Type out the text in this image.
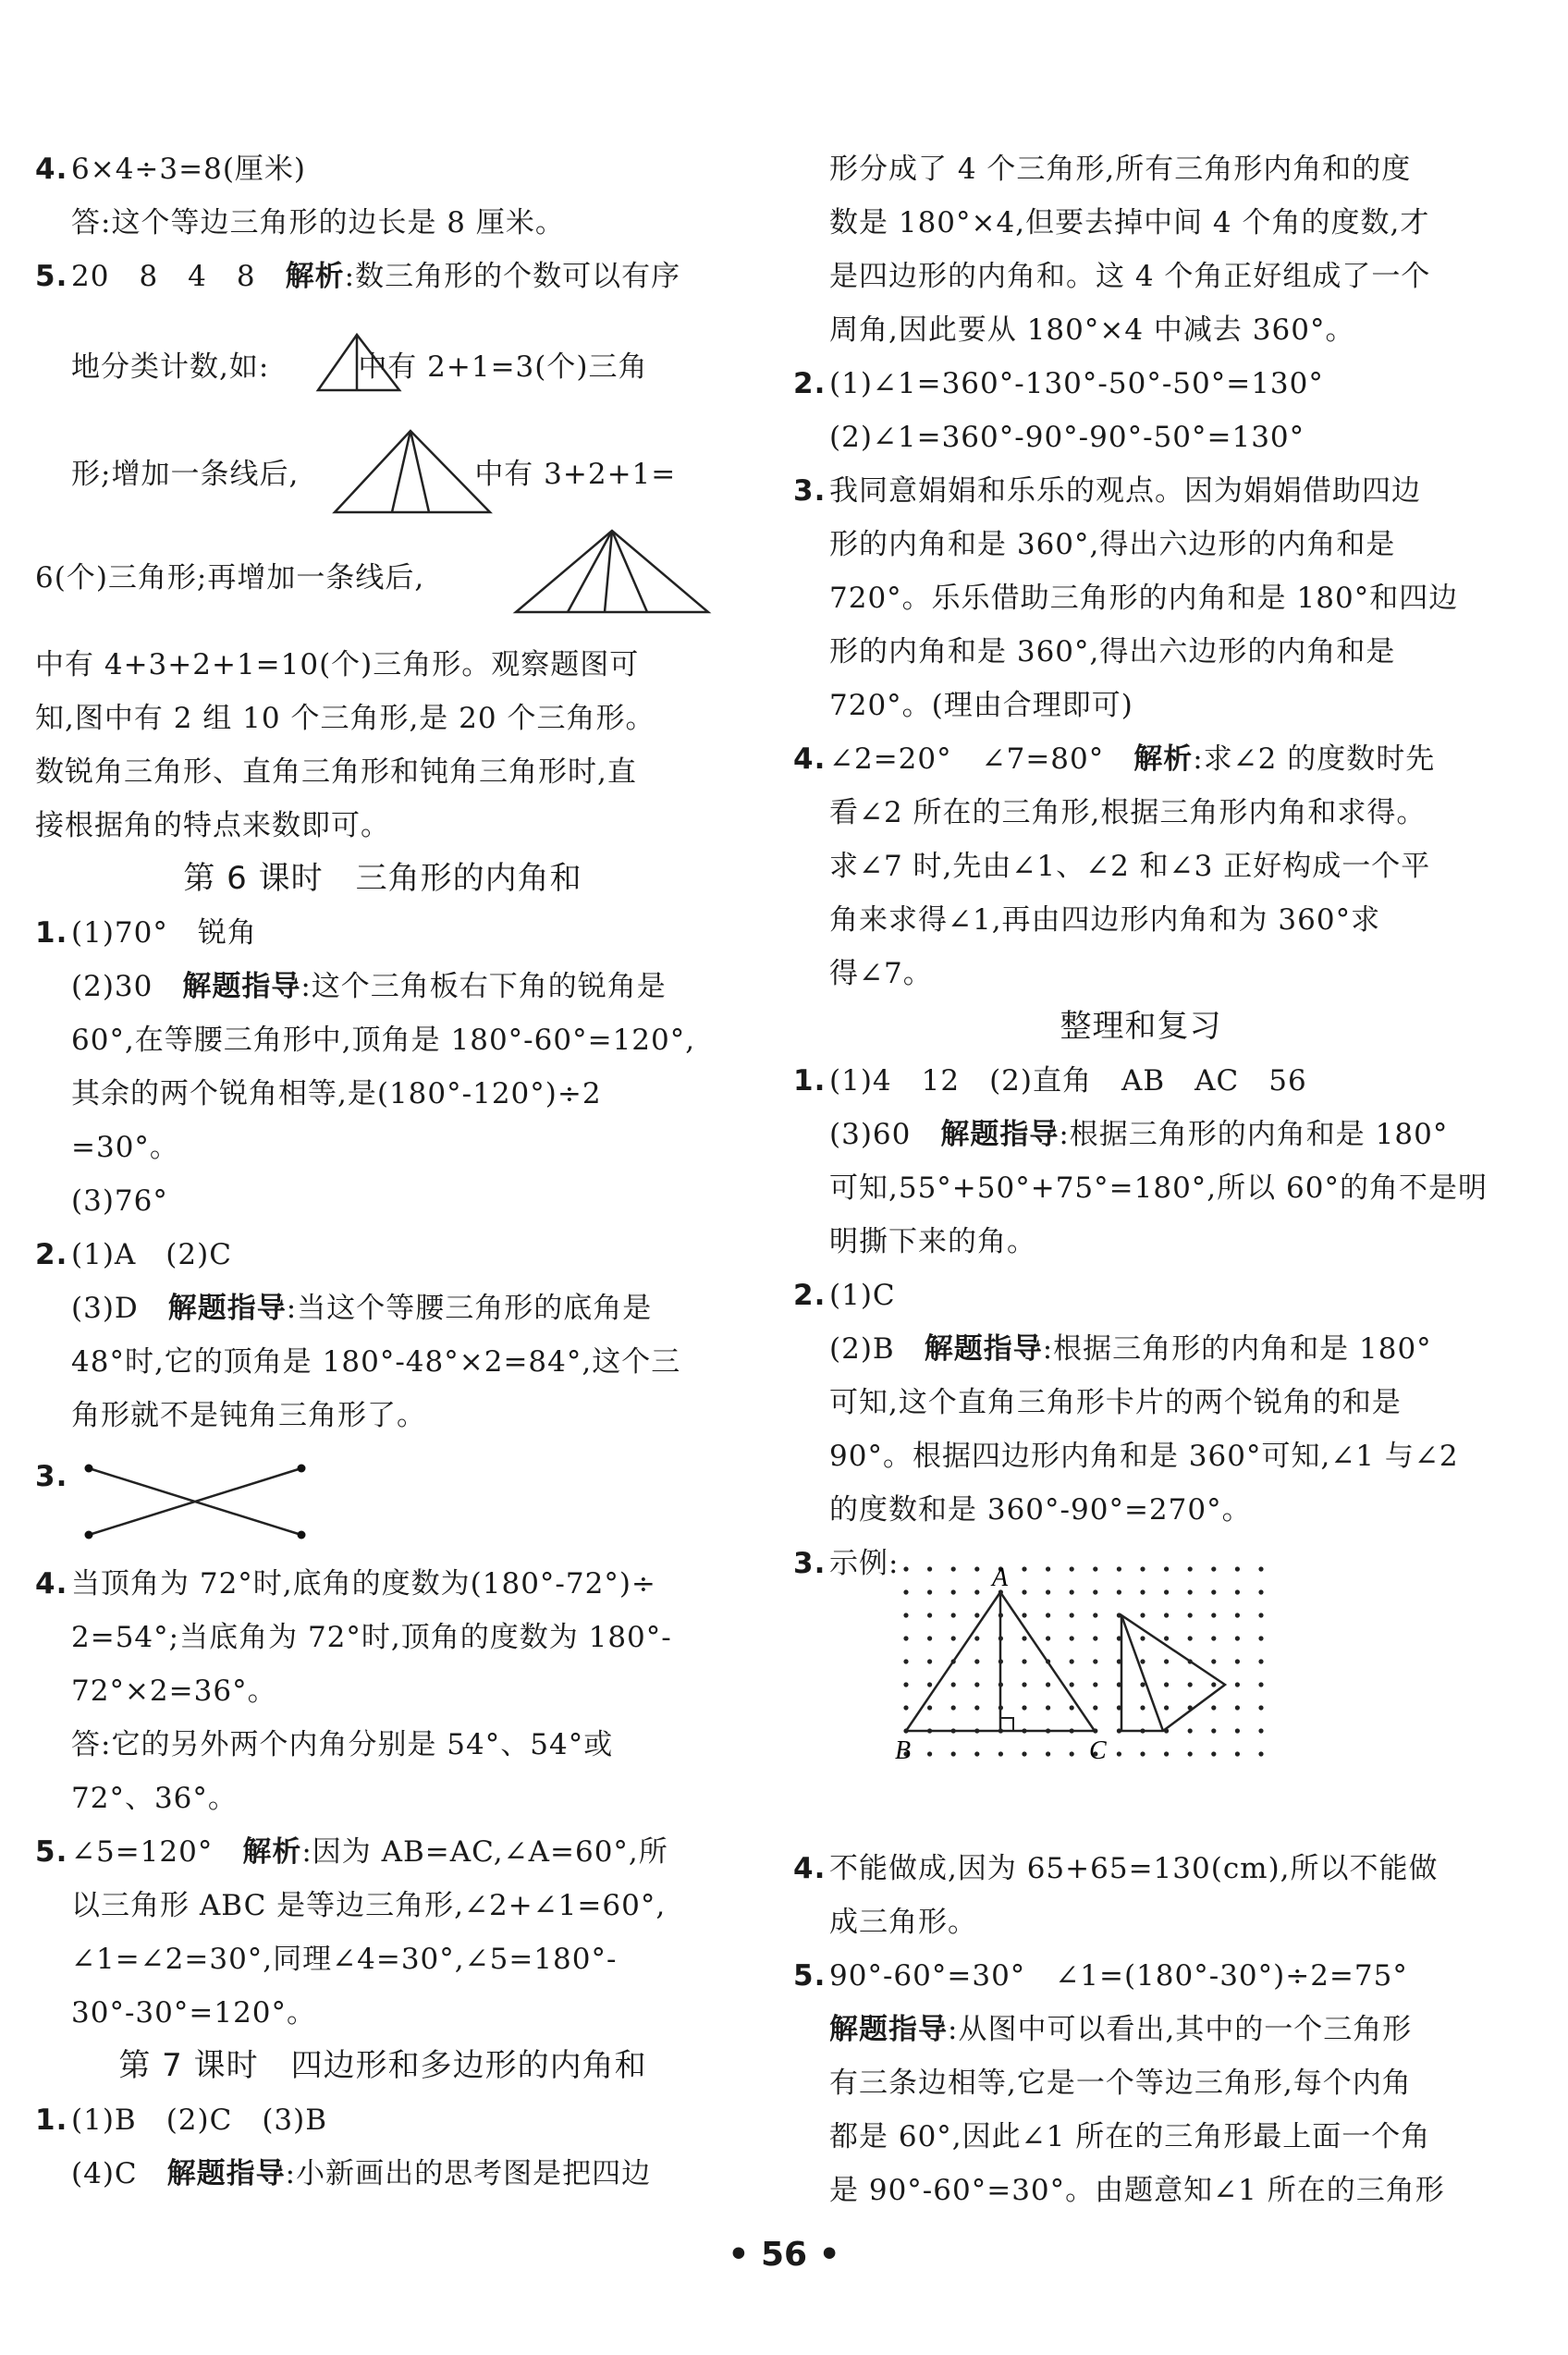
4. 6×4÷3=8(厘米)
答:这个等边三角形的边长是 8 厘米。
5. 20　8　4　8　解析:数三角形的个数可以有序
地分类计数,如:	中有 2+1=3(个)三角
形;增加一条线后,	中有 3+2+1=
6(个)三角形;再增加一条线后,
中有 4+3+2+1=10(个)三角形。观察题图可
知,图中有 2 组 10 个三角形,是 20 个三角形。
数锐角三角形、直角三角形和钝角三角形时,直
接根据角的特点来数即可。
第 6 课时　三角形的内角和
1. (1)70°　锐角
(2)30　解题指导:这个三角板右下角的锐角是
60°,在等腰三角形中,顶角是 180°-60°=120°,
其余的两个锐角相等,是(180°-120°)÷2
=30°。
(3)76°
2. (1)A　(2)C
(3)D　解题指导:当这个等腰三角形的底角是
48°时,它的顶角是 180°-48°×2=84°,这个三
角形就不是钝角三角形了。
3.
4. 当顶角为 72°时,底角的度数为(180°-72°)÷
2=54°;当底角为 72°时,顶角的度数为 180°-
72°×2=36°。
答:它的另外两个内角分别是 54°、54°或
72°、36°。
5. ∠5=120°　解析:因为 AB=AC,∠A=60°,所
以三角形 ABC 是等边三角形,∠2+∠1=60°,
∠1=∠2=30°,同理∠4=30°,∠5=180°-
30°-30°=120°。
第 7 课时　四边形和多边形的内角和
1. (1)B　(2)C　(3)B
(4)C　解题指导:小新画出的思考图是把四边
形分成了 4 个三角形,所有三角形内角和的度
数是 180°×4,但要去掉中间 4 个角的度数,才
是四边形的内角和。这 4 个角正好组成了一个
周角,因此要从 180°×4 中减去 360°。
2. (1)∠1=360°-130°-50°-50°=130°
(2)∠1=360°-90°-90°-50°=130°
3. 我同意娟娟和乐乐的观点。因为娟娟借助四边
形的内角和是 360°,得出六边形的内角和是
720°。乐乐借助三角形的内角和是 180°和四边
形的内角和是 360°,得出六边形的内角和是
720°。(理由合理即可)
4. ∠2=20°　∠7=80°　解析:求∠2 的度数时先
看∠2 所在的三角形,根据三角形内角和求得。
求∠7 时,先由∠1、∠2 和∠3 正好构成一个平
角来求得∠1,再由四边形内角和为 360°求
得∠7。
整理和复习
1. (1)4　12　(2)直角　AB　AC　56
(3)60　解题指导:根据三角形的内角和是 180°
可知,55°+50°+75°=180°,所以 60°的角不是明
明撕下来的角。
2. (1)C
(2)B　解题指导:根据三角形的内角和是 180°
可知,这个直角三角形卡片的两个锐角的和是
90°。根据四边形内角和是 360°可知,∠1 与∠2
的度数和是 360°-90°=270°。
3. 示例:	A
B	C
4. 不能做成,因为 65+65=130(cm),所以不能做
成三角形。
5. 90°-60°=30°　∠1=(180°-30°)÷2=75°
解题指导:从图中可以看出,其中的一个三角形
有三条边相等,它是一个等边三角形,每个内角
都是 60°,因此∠1 所在的三角形最上面一个角
是 90°-60°=30°。由题意知∠1 所在的三角形
• 56 •
